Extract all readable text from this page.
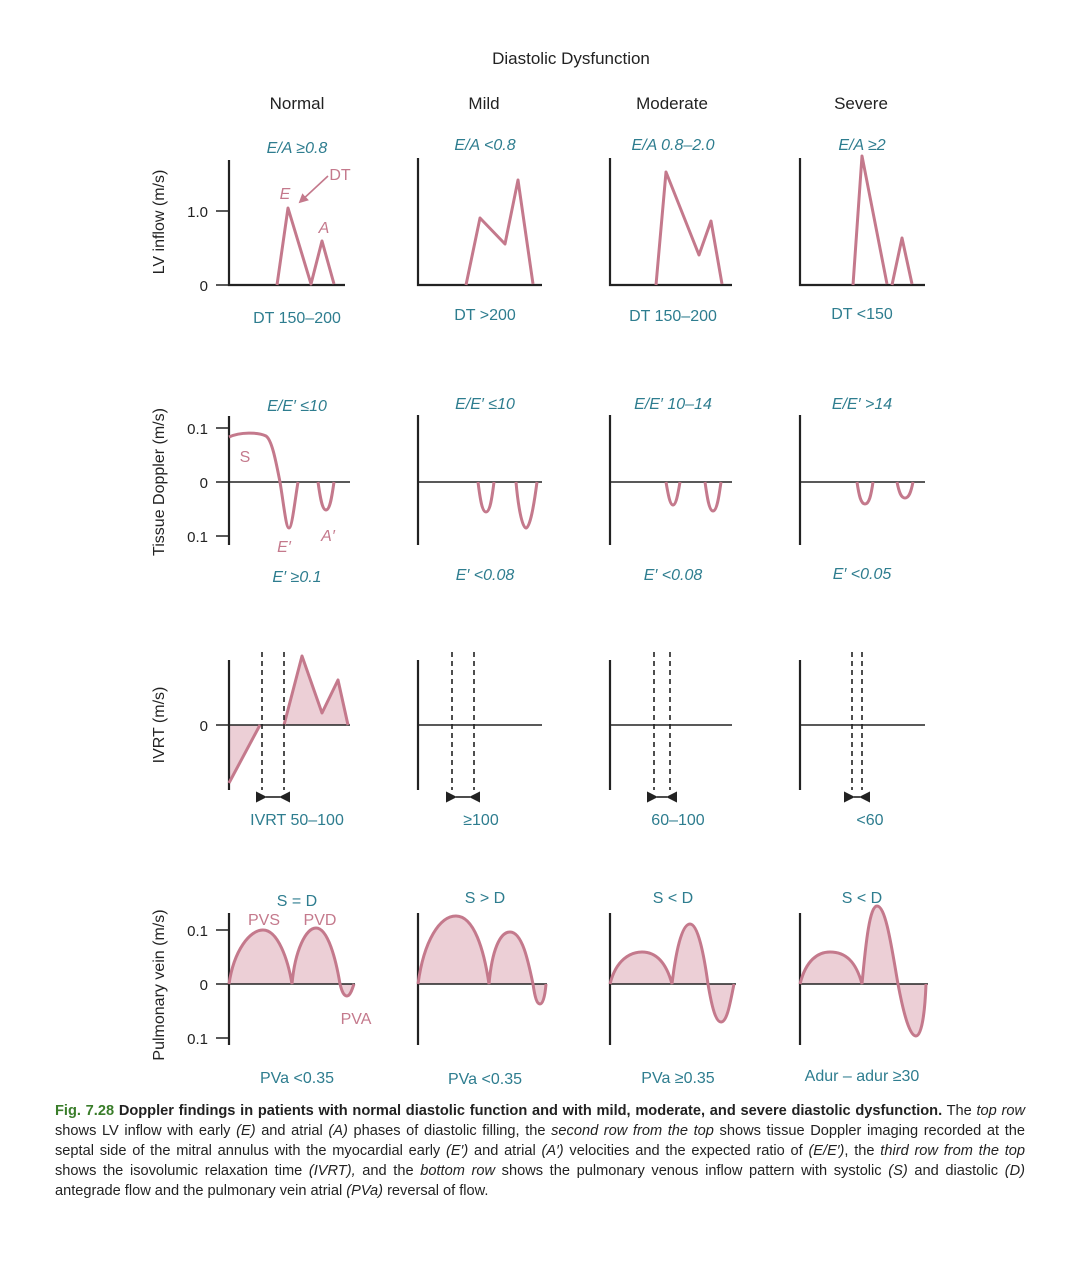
Diastolic Dysfunction
Normal	Mild	Moderate	Severe
LV inflow (m/s) 1.0
0
E/A ≥0.8	E/A <0.8	E/A 0.8–2.0	E/A ≥2
E
A
DT
DT 150–200	DT >200	DT 150–200	DT <150
Tissue Doppler (m/s) 0.1
0
0.1
E/E′ ≤10	E/E′ ≤10	E/E′ 10–14	E/E′ >14
S
E′
A′
E′ ≥0.1	E′ <0.08	E′ <0.08	E′ <0.05
IVRT (m/s) 0
IVRT 50–100	≥100	60–100	<60
Pulmonary vein (m/s) 0.1
0
0.1
S = D	S > D	S < D	S < D
PVS PVD
PVA
PVa <0.35	PVa <0.35	PVa ≥0.35	Adur – adur ≥30
Fig. 7.28 Doppler findings in patients with normal diastolic function and with mild, moderate, and severe diastolic dysfunction. The top row shows LV inflow with early (E) and atrial (A) phases of diastolic filling, the second row from the top shows tissue Doppler imaging recorded at the septal side of the mitral annulus with the myocardial early (E′) and atrial (A′) velocities and the expected ratio of (E/E′), the third row from the top shows the isovolumic relaxation time (IVRT), and the bottom row shows the pulmonary venous inflow pattern with systolic (S) and diastolic (D) antegrade flow and the pulmonary vein atrial (PVa) reversal of flow.
